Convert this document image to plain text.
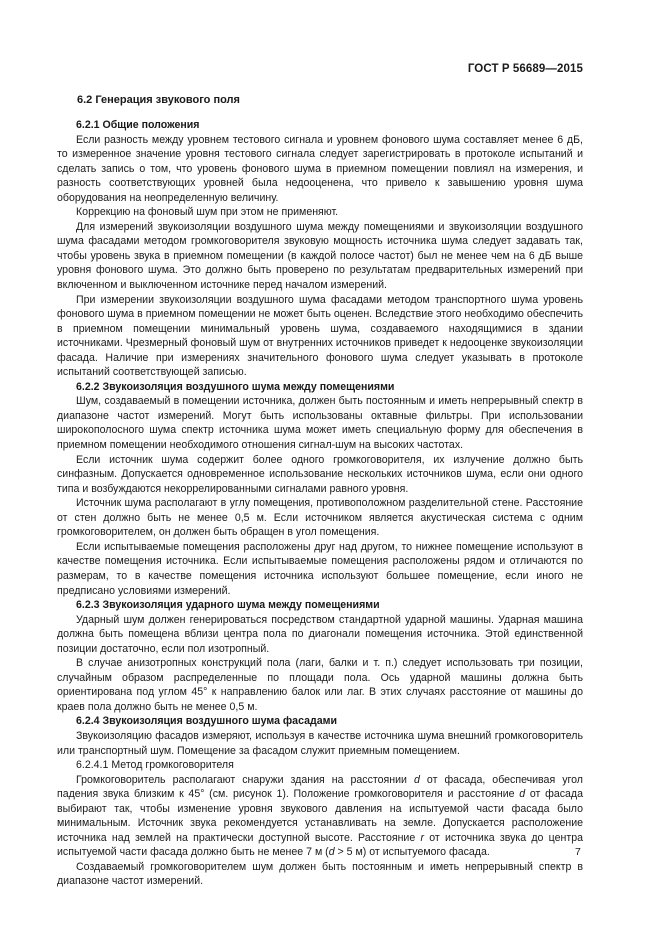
ГОСТ Р 56689—2015
6.2 Генерация звукового поля

6.2.1 Общие положения

Если разность между уровнем тестового сигнала и уровнем фонового шума составляет менее 6 дБ, то измеренное значение уровня тестового сигнала следует зарегистрировать в протоколе испытаний и сделать запись о том, что уровень фонового шума в приемном помещении повлиял на измерения, и разность соответствующих уровней была недооценена, что привело к завышению уровня шума оборудования на неопределенную величину.

Коррекцию на фоновый шум при этом не применяют.

Для измерений звукоизоляции воздушного шума между помещениями и звукоизоляции воздушного шума фасадами методом громкоговорителя звуковую мощность источника шума следует задавать так, чтобы уровень звука в приемном помещении (в каждой полосе частот) был не менее чем на 6 дБ выше уровня фонового шума. Это должно быть проверено по результатам предварительных измерений при включенном и выключенном источнике перед началом измерений.

При измерении звукоизоляции воздушного шума фасадами методом транспортного шума уровень фонового шума в приемном помещении не может быть оценен. Вследствие этого необходимо обеспечить в приемном помещении минимальный уровень шума, создаваемого находящимися в здании источниками. Чрезмерный фоновый шум от внутренних источников приведет к недооценке звукоизоляции фасада. Наличие при измерениях значительного фонового шума следует указывать в протоколе испытаний соответствующей записью.

6.2.2 Звукоизоляция воздушного шума между помещениями

Шум, создаваемый в помещении источника, должен быть постоянным и иметь непрерывный спектр в диапазоне частот измерений. Могут быть использованы октавные фильтры. При использовании широкополосного шума спектр источника шума может иметь специальную форму для обеспечения в приемном помещении необходимого отношения сигнал-шум на высоких частотах.

Если источник шума содержит более одного громкоговорителя, их излучение должно быть синфазным. Допускается одновременное использование нескольких источников шума, если они одного типа и возбуждаются некоррелированными сигналами равного уровня.

Источник шума располагают в углу помещения, противоположном разделительной стене. Расстояние от стен должно быть не менее 0,5 м. Если источником является акустическая система с одним громкоговорителем, он должен быть обращен в угол помещения.

Если испытываемые помещения расположены друг над другом, то нижнее помещение используют в качестве помещения источника. Если испытываемые помещения расположены рядом и отличаются по размерам, то в качестве помещения источника используют большее помещение, если иного не предписано условиями измерений.

6.2.3 Звукоизоляция ударного шума между помещениями

Ударный шум должен генерироваться посредством стандартной ударной машины. Ударная машина должна быть помещена вблизи центра пола по диагонали помещения источника. Этой единственной позиции достаточно, если пол изотропный.

В случае анизотропных конструкций пола (лаги, балки и т. п.) следует использовать три позиции, случайным образом распределенные по площади пола. Ось ударной машины должна быть ориентирована под углом 45° к направлению балок или лаг. В этих случаях расстояние от машины до краев пола должно быть не менее 0,5 м.

6.2.4 Звукоизоляция воздушного шума фасадами

Звукоизоляцию фасадов измеряют, используя в качестве источника шума внешний громкоговоритель или транспортный шум. Помещение за фасадом служит приемным помещением.

6.2.4.1 Метод громкоговорителя

Громкоговоритель располагают снаружи здания на расстоянии d от фасада, обеспечивая угол падения звука близким к 45° (см. рисунок 1). Положение громкоговорителя и расстояние d от фасада выбирают так, чтобы изменение уровня звукового давления на испытуемой части фасада было минимальным. Источник звука рекомендуется устанавливать на земле. Допускается расположение источника над землей на практически доступной высоте. Расстояние r от источника звука до центра испытуемой части фасада должно быть не менее 7 м (d > 5 м) от испытуемого фасада.

Создаваемый громкоговорителем шум должен быть постоянным и иметь непрерывный спектр в диапазоне частот измерений.

7
